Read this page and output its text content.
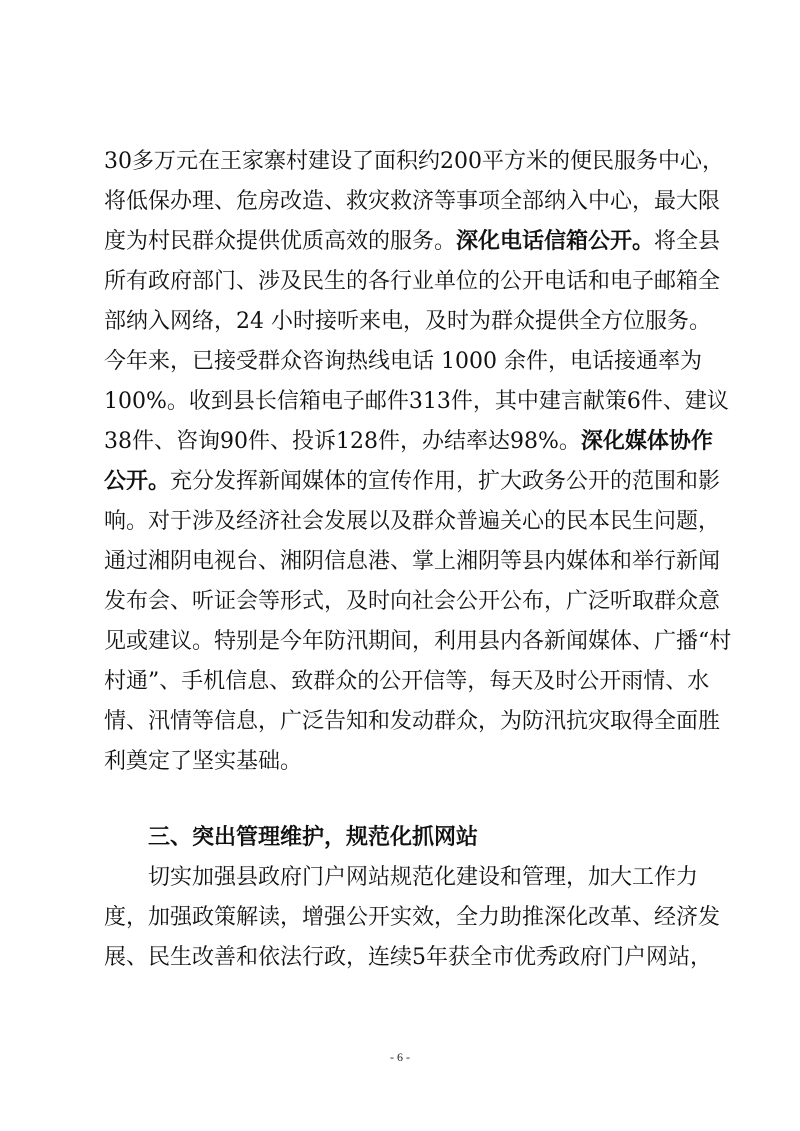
30多万元在王家寨村建设了面积约200平方米的便民服务中心，
将低保办理、危房改造、救灾救济等事项全部纳入中心，最大限
度为村民群众提供优质高效的服务。深化电话信箱公开。将全县
所有政府部门、涉及民生的各行业单位的公开电话和电子邮箱全
部纳入网络，24 小时接听来电，及时为群众提供全方位服务。
今年来，已接受群众咨询热线电话 1000 余件，电话接通率为
100%。收到县长信箱电子邮件313件，其中建言献策6件、建议
38件、咨询90件、投诉128件，办结率达98%。深化媒体协作
公开。充分发挥新闻媒体的宣传作用，扩大政务公开的范围和影
响。对于涉及经济社会发展以及群众普遍关心的民本民生问题，
通过湘阴电视台、湘阴信息港、掌上湘阴等县内媒体和举行新闻
发布会、听证会等形式，及时向社会公开公布，广泛听取群众意
见或建议。特别是今年防汛期间，利用县内各新闻媒体、广播“村
村通”、手机信息、致群众的公开信等，每天及时公开雨情、水
情、汛情等信息，广泛告知和发动群众，为防汛抗灾取得全面胜
利奠定了坚实基础。
三、突出管理维护，规范化抓网站
切实加强县政府门户网站规范化建设和管理，加大工作力
度，加强政策解读，增强公开实效，全力助推深化改革、经济发
展、民生改善和依法行政，连续5年获全市优秀政府门户网站，
- 6 -
